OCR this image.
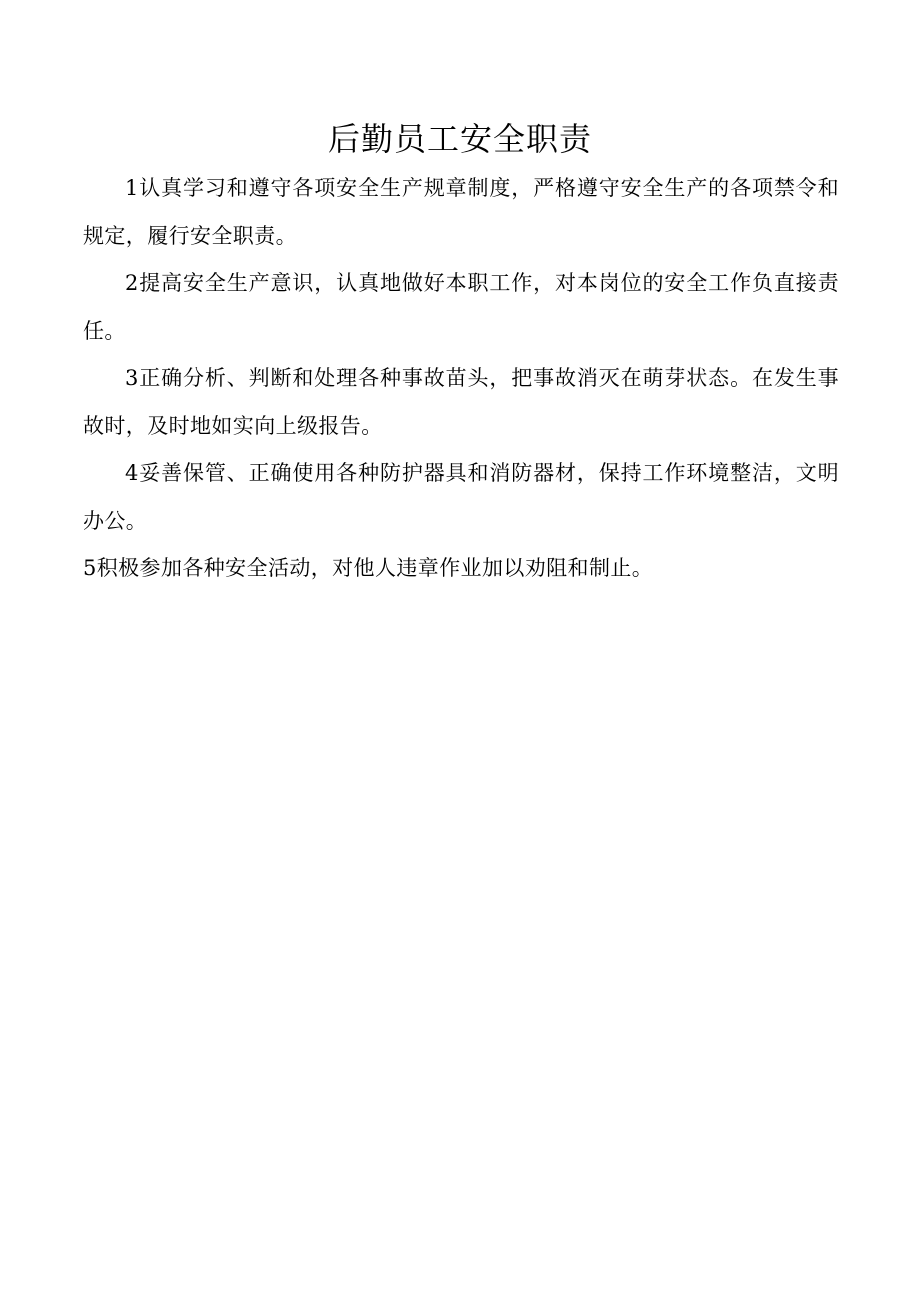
后勤员工安全职责

1认真学习和遵守各项安全生产规章制度，严格遵守安全生产的各项禁令和规定，履行安全职责。

2提高安全生产意识，认真地做好本职工作，对本岗位的安全工作负直接责任。

3正确分析、判断和处理各种事故苗头，把事故消灭在萌芽状态。在发生事故时，及时地如实向上级报告。

4妥善保管、正确使用各种防护器具和消防器材，保持工作环境整洁，文明办公。

5积极参加各种安全活动，对他人违章作业加以劝阻和制止。
